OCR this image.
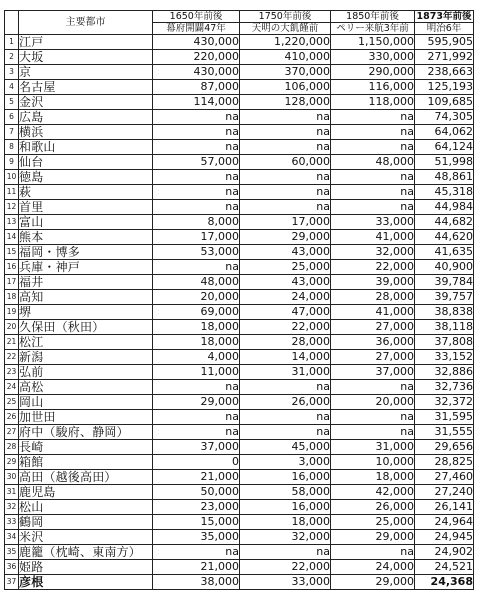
	主要都市	1650年前後	1750年前後	1850年前後	1873年前後
		幕府開闢47年	天明の大飢饉前	ペリー来航3年前	明治6年
1	江戸	430,000	1,220,000	1,150,000	595,905
2	大坂	220,000	410,000	330,000	271,992
3	京	430,000	370,000	290,000	238,663
4	名古屋	87,000	106,000	116,000	125,193
5	金沢	114,000	128,000	118,000	109,685
6	広島	na	na	na	74,305
7	横浜	na	na	na	64,062
8	和歌山	na	na	na	64,124
9	仙台	57,000	60,000	48,000	51,998
10	徳島	na	na	na	48,861
11	萩	na	na	na	45,318
12	首里	na	na	na	44,984
13	富山	8,000	17,000	33,000	44,682
14	熊本	17,000	29,000	41,000	44,620
15	福岡・博多	53,000	43,000	32,000	41,635
16	兵庫・神戸	na	25,000	22,000	40,900
17	福井	48,000	43,000	39,000	39,784
18	高知	20,000	24,000	28,000	39,757
19	堺	69,000	47,000	41,000	38,838
20	久保田（秋田）	18,000	22,000	27,000	38,118
21	松江	18,000	28,000	36,000	37,808
22	新潟	4,000	14,000	27,000	33,152
23	弘前	11,000	31,000	37,000	32,886
24	高松	na	na	na	32,736
25	岡山	29,000	26,000	20,000	32,372
26	加世田	na	na	na	31,595
27	府中（駿府、静岡）	na	na	na	31,555
28	長崎	37,000	45,000	31,000	29,656
29	箱館	0	3,000	10,000	28,825
30	高田（越後高田）	21,000	16,000	18,000	27,460
31	鹿児島	50,000	58,000	42,000	27,240
32	松山	23,000	16,000	26,000	26,141
33	鶴岡	15,000	18,000	25,000	24,964
34	米沢	35,000	32,000	29,000	24,945
35	鹿籠（枕崎、東南方）	na	na	na	24,902
36	姫路	21,000	22,000	24,000	24,521
37	彦根	38,000	33,000	29,000	24,368
